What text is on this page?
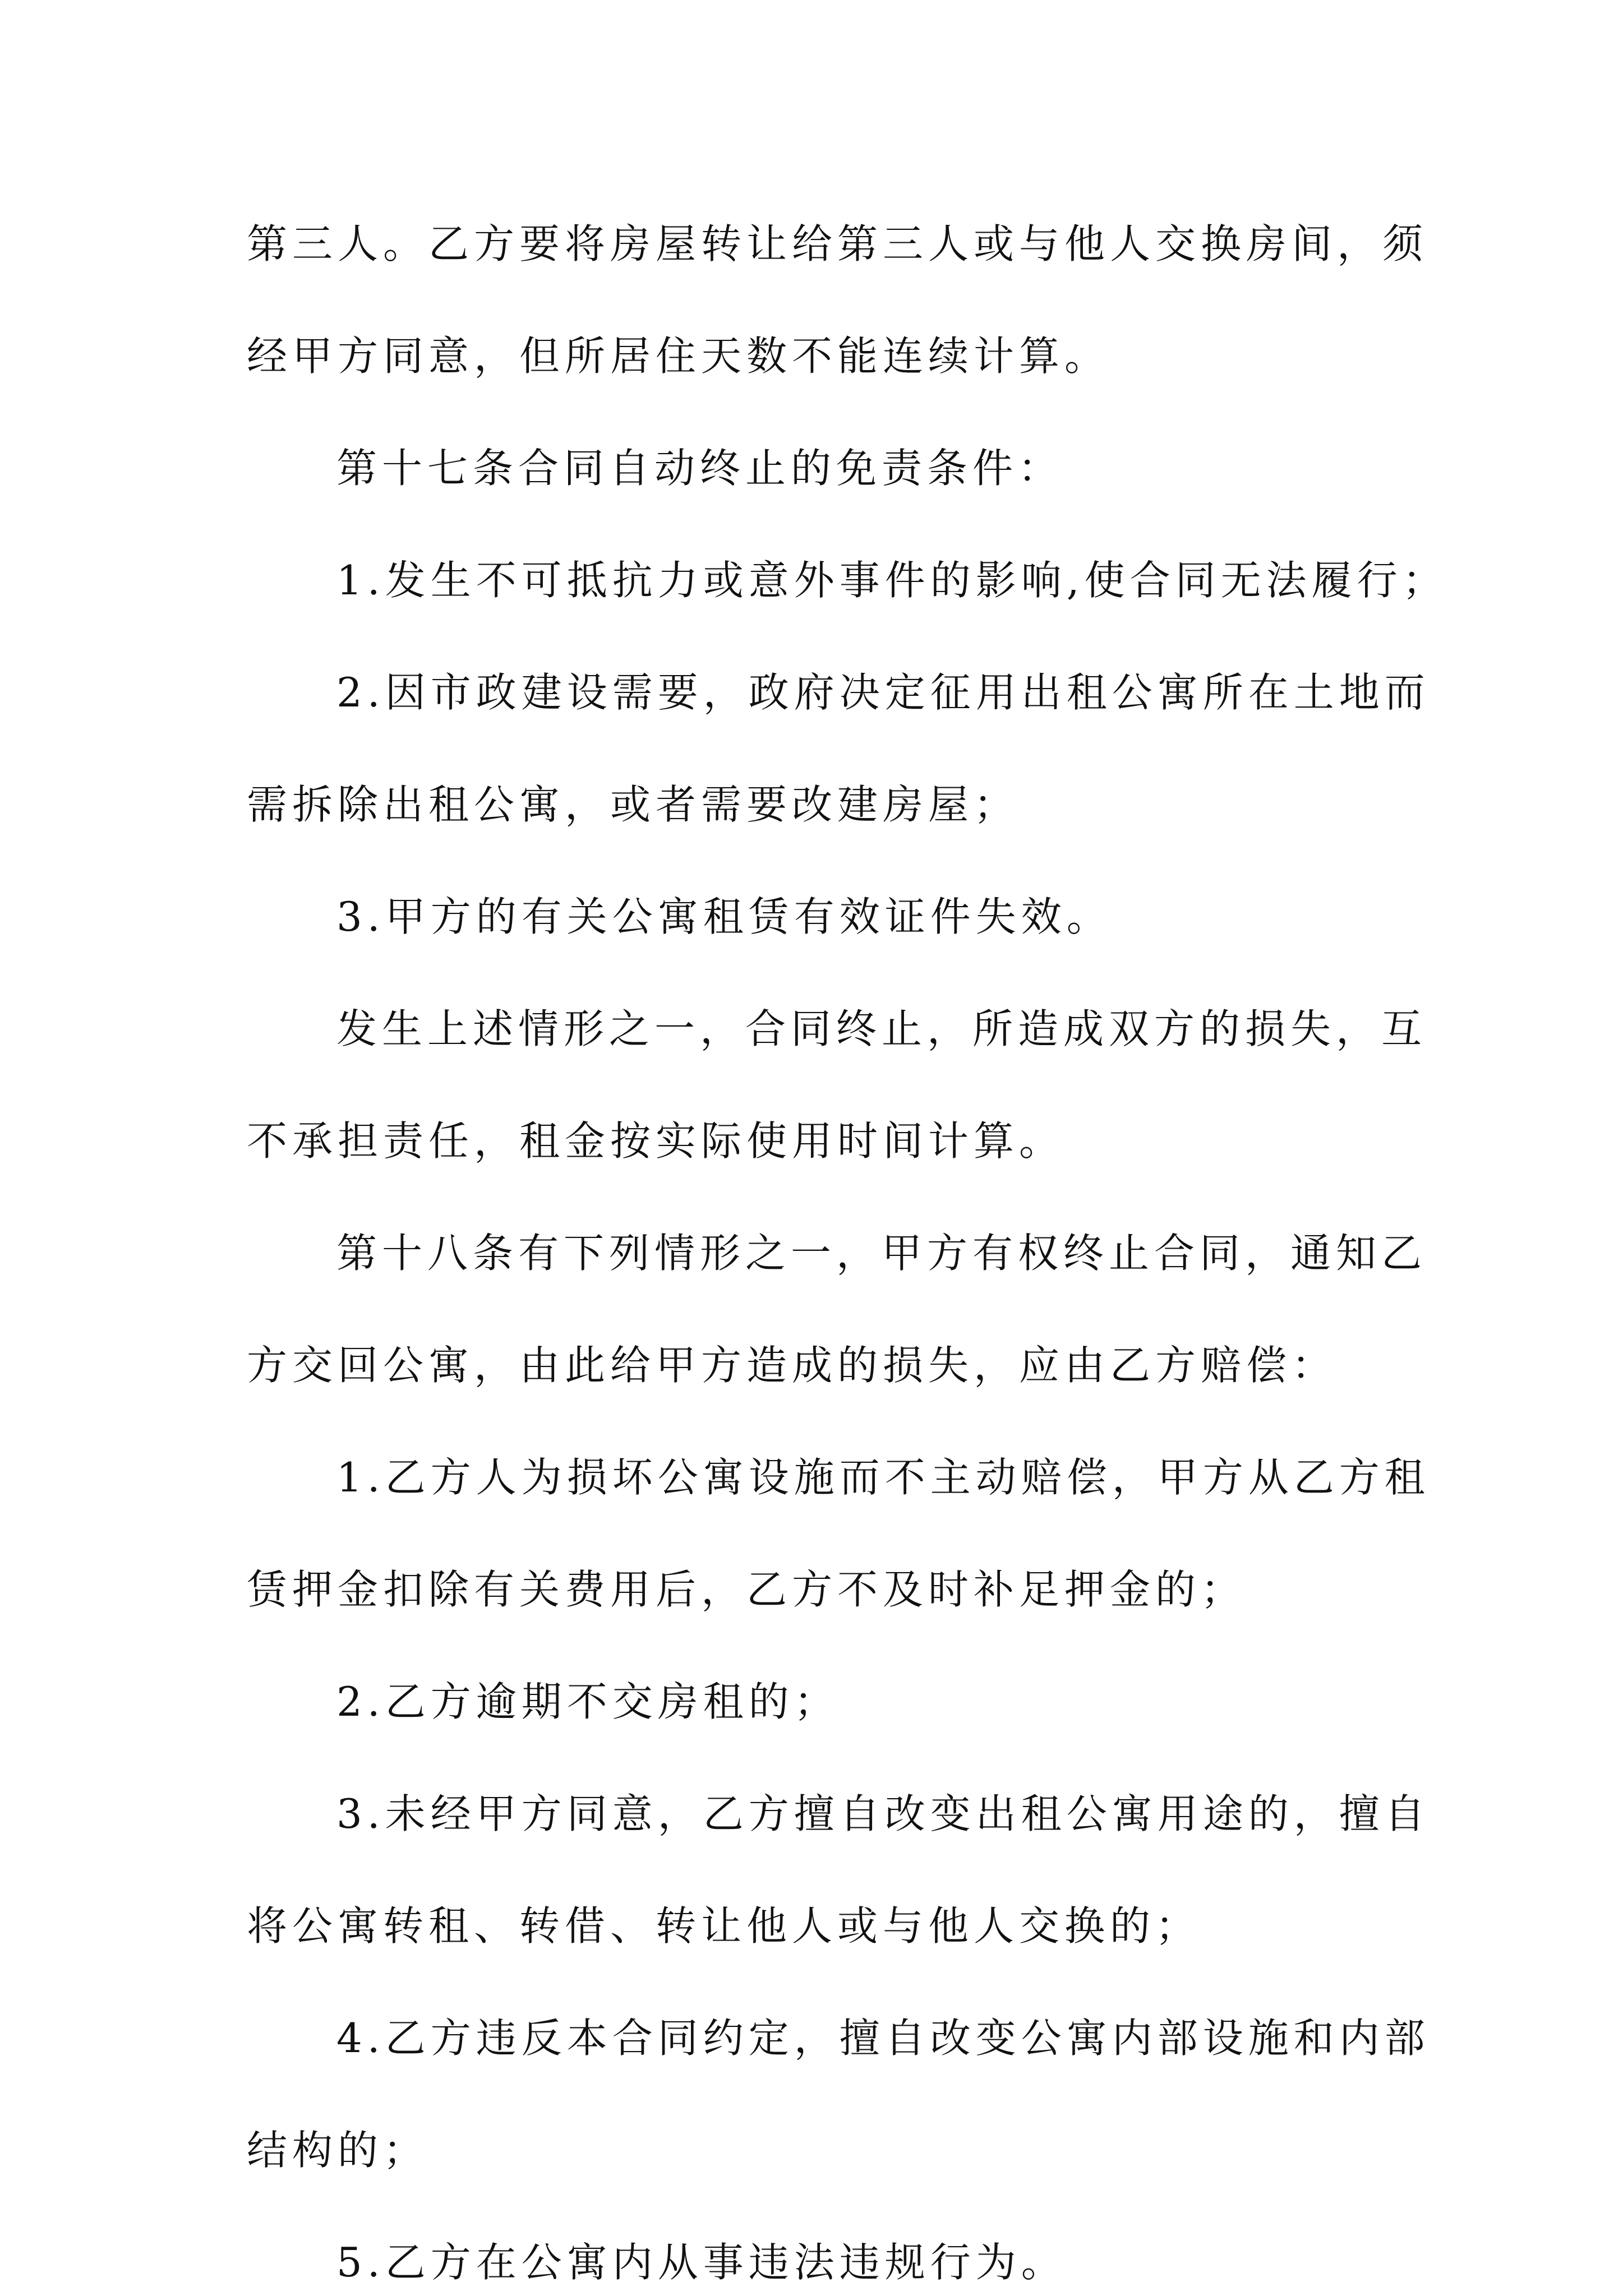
第三人。乙方要将房屋转让给第三人或与他人交换房间，须
经甲方同意，但所居住天数不能连续计算。
第十七条合同自动终止的免责条件：
1.发生不可抵抗力或意外事件的影响,使合同无法履行；
2.因市政建设需要，政府决定征用出租公寓所在土地而
需拆除出租公寓，或者需要改建房屋；
3.甲方的有关公寓租赁有效证件失效。
发生上述情形之一，合同终止，所造成双方的损失，互
不承担责任，租金按实际使用时间计算。
第十八条有下列情形之一，甲方有权终止合同，通知乙
方交回公寓，由此给甲方造成的损失，应由乙方赔偿：
1.乙方人为损坏公寓设施而不主动赔偿，甲方从乙方租
赁押金扣除有关费用后，乙方不及时补足押金的；
2.乙方逾期不交房租的；
3.未经甲方同意，乙方擅自改变出租公寓用途的，擅自
将公寓转租、转借、转让他人或与他人交换的；
4.乙方违反本合同约定，擅自改变公寓内部设施和内部
结构的；
5.乙方在公寓内从事违法违规行为。
